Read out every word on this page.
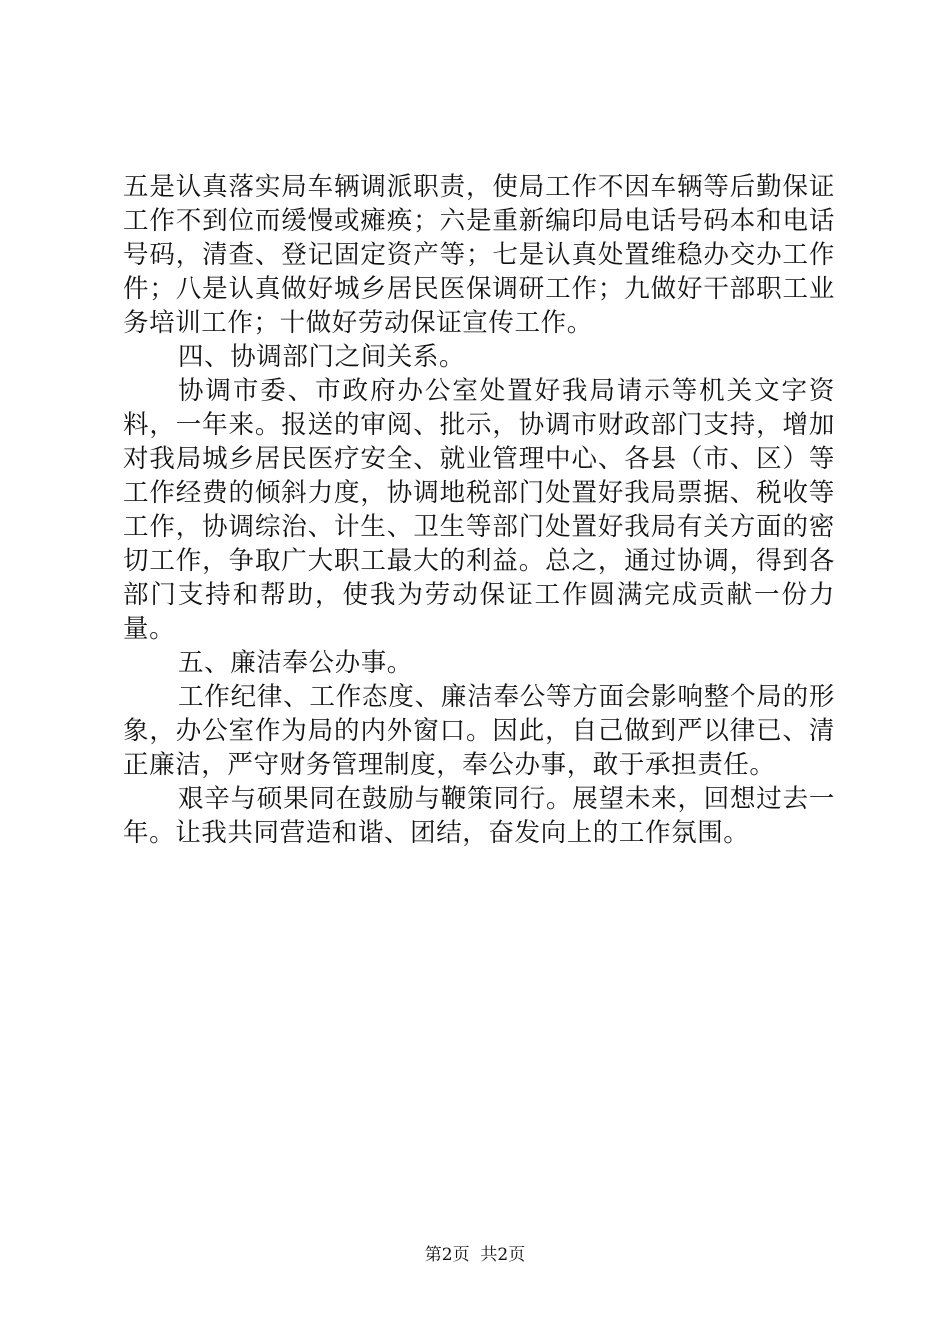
五是认真落实局车辆调派职责，使局工作不因车辆等后勤保证工作不到位而缓慢或瘫痪；六是重新编印局电话号码本和电话号码，清查、登记固定资产等；七是认真处置维稳办交办工作件；八是认真做好城乡居民医保调研工作；九做好干部职工业务培训工作；十做好劳动保证宣传工作。

四、协调部门之间关系。

协调市委、市政府办公室处置好我局请示等机关文字资料，一年来。报送的审阅、批示，协调市财政部门支持，增加对我局城乡居民医疗安全、就业管理中心、各县（市、区）等工作经费的倾斜力度，协调地税部门处置好我局票据、税收等工作，协调综治、计生、卫生等部门处置好我局有关方面的密切工作，争取广大职工最大的利益。总之，通过协调，得到各部门支持和帮助，使我为劳动保证工作圆满完成贡献一份力量。

五、廉洁奉公办事。

工作纪律、工作态度、廉洁奉公等方面会影响整个局的形象，办公室作为局的内外窗口。因此，自己做到严以律已、清正廉洁，严守财务管理制度，奉公办事，敢于承担责任。

艰辛与硕果同在鼓励与鞭策同行。展望未来，回想过去一年。让我共同营造和谐、团结，奋发向上的工作氛围。

第2页 共2页
